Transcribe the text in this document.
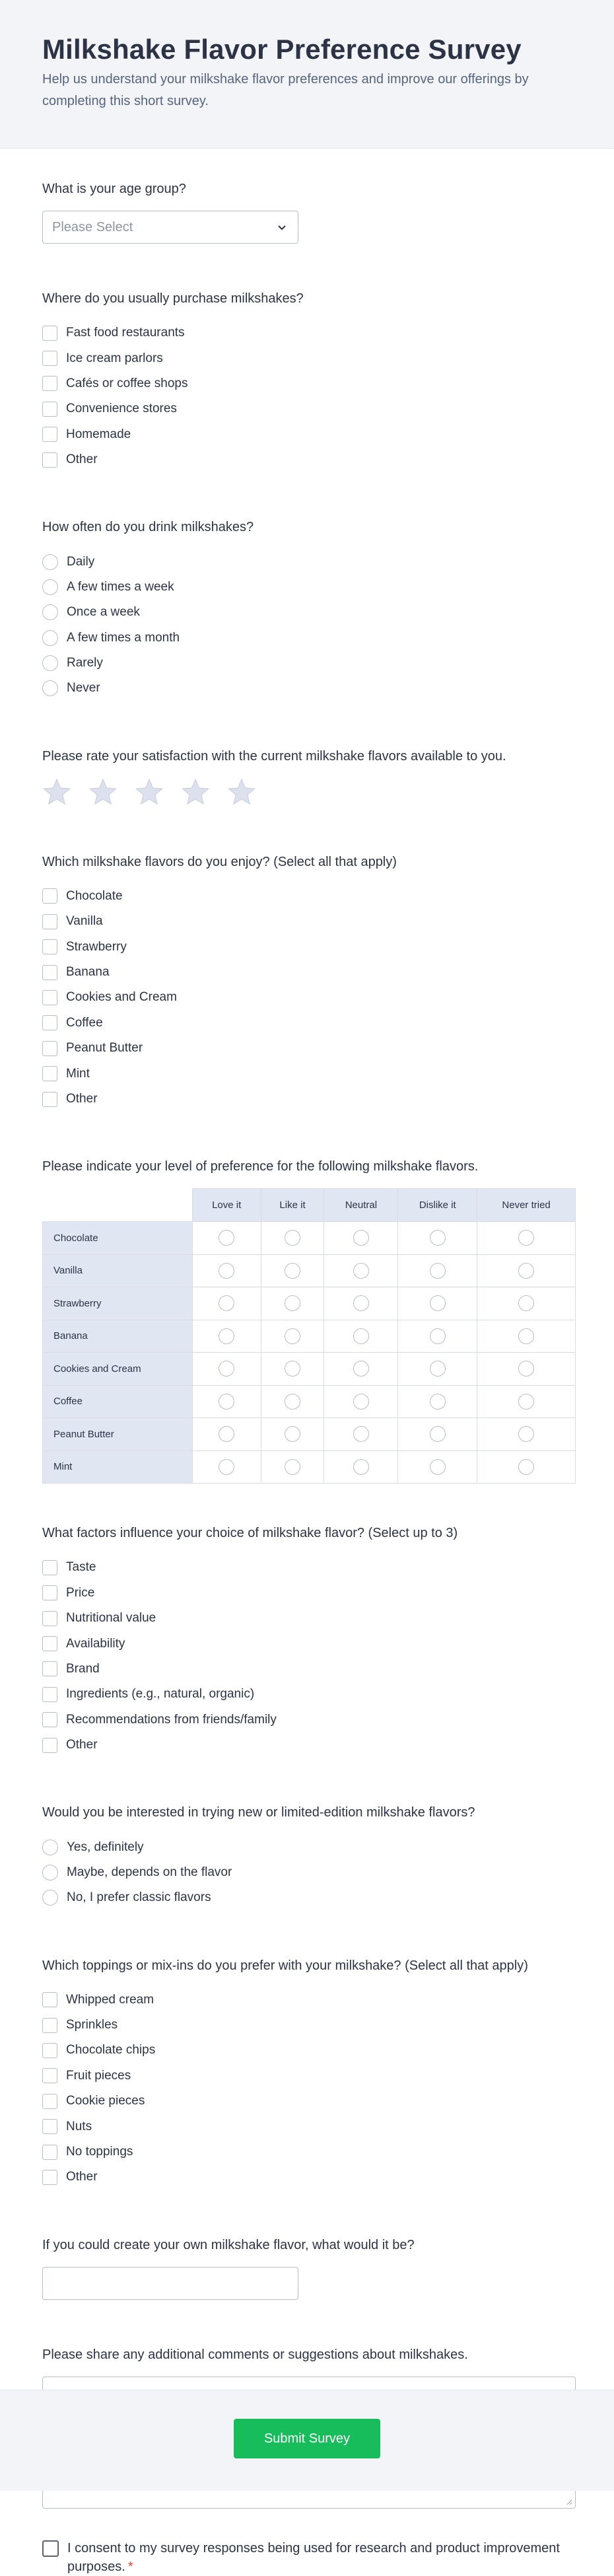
Milkshake Flavor Preference Survey
Help us understand your milkshake flavor preferences and improve our offerings by completing this short survey.
What is your age group?
Please Select
Where do you usually purchase milkshakes?
Fast food restaurants
Ice cream parlors
Cafés or coffee shops
Convenience stores
Homemade
Other
How often do you drink milkshakes?
Daily
A few times a week
Once a week
A few times a month
Rarely
Never
Please rate your satisfaction with the current milkshake flavors available to you.
Which milkshake flavors do you enjoy? (Select all that apply)
Chocolate
Vanilla
Strawberry
Banana
Cookies and Cream
Coffee
Peanut Butter
Mint
Other
Please indicate your level of preference for the following milkshake flavors.
	Love it	Like it	Neutral	Dislike it	Never tried
Chocolate					
Vanilla					
Strawberry					
Banana					
Cookies and Cream					
Coffee					
Peanut Butter					
Mint					
What factors influence your choice of milkshake flavor? (Select up to 3)
Taste
Price
Nutritional value
Availability
Brand
Ingredients (e.g., natural, organic)
Recommendations from friends/family
Other
Would you be interested in trying new or limited-edition milkshake flavors?
Yes, definitely
Maybe, depends on the flavor
No, I prefer classic flavors
Which toppings or mix-ins do you prefer with your milkshake? (Select all that apply)
Whipped cream
Sprinkles
Chocolate chips
Fruit pieces
Cookie pieces
Nuts
No toppings
Other
If you could create your own milkshake flavor, what would it be?
Please share any additional comments or suggestions about milkshakes.
I consent to my survey responses being used for research and product improvement purposes. *
Submit Survey
